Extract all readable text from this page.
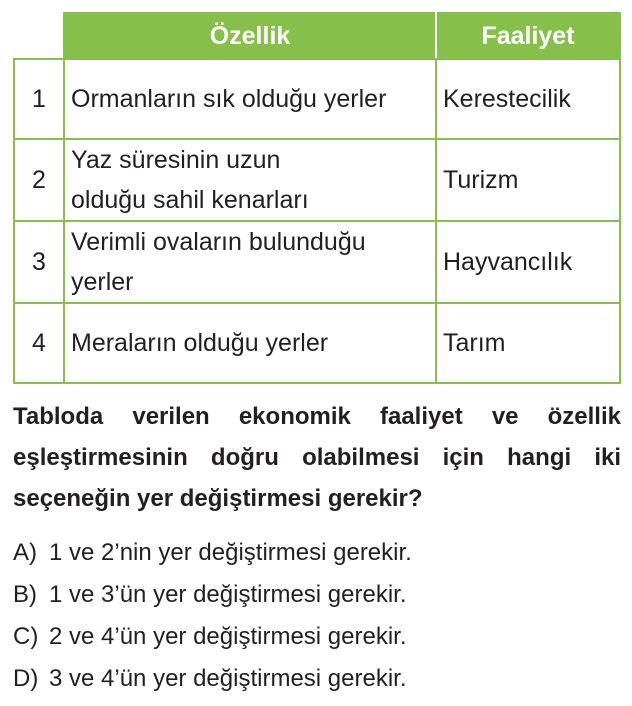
	Özellik	Faaliyet
1	Ormanların sık olduğu yerler	Kerestecilik
2	Yaz süresinin uzun olduğu sahil kenarları	Turizm
3	Verimli ovaların bulunduğu yerler	Hayvancılık
4	Meraların olduğu yerler	Tarım

Tabloda verilen ekonomik faaliyet ve özellik eşleştirmesinin doğru olabilmesi için hangi iki seçeneğin yer değiştirmesi gerekir?

A) 1 ve 2’nin yer değiştirmesi gerekir.
B) 1 ve 3’ün yer değiştirmesi gerekir.
C) 2 ve 4’ün yer değiştirmesi gerekir.
D) 3 ve 4’ün yer değiştirmesi gerekir.
